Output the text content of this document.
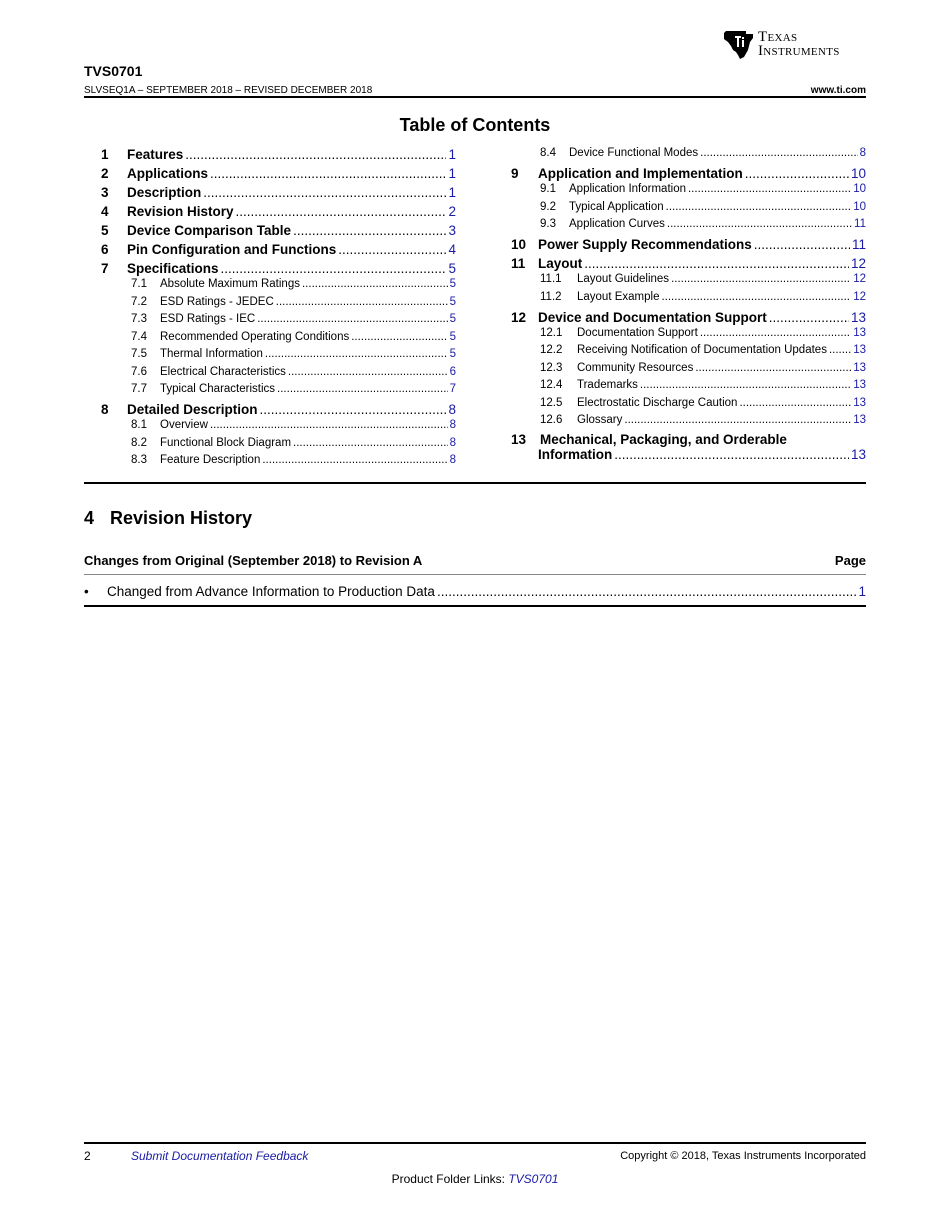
Texas
Instruments
TVS0701
SLVSEQ1A – SEPTEMBER 2018 – REVISED DECEMBER 2018	www.ti.com
Table of Contents
1	Features .....	1
2	Applications .....	1
3	Description .....	1
4	Revision History .....	2
5	Device Comparison Table .....	3
6	Pin Configuration and Functions .....	4
7	Specifications .....	5
7.1	Absolute Maximum Ratings .....	5
7.2	ESD Ratings - JEDEC .....	5
7.3	ESD Ratings - IEC .....	5
7.4	Recommended Operating Conditions .....	5
7.5	Thermal Information .....	5
7.6	Electrical Characteristics .....	6
7.7	Typical Characteristics .....	7
8	Detailed Description .....	8
8.1	Overview .....	8
8.2	Functional Block Diagram .....	8
8.3	Feature Description .....	8
8.4	Device Functional Modes .....	8
9	Application and Implementation .....	10
9.1	Application Information .....	10
9.2	Typical Application .....	10
9.3	Application Curves .....	11
10 Power Supply Recommendations .....	11
11 Layout .....	12
11.1	Layout Guidelines .....	12
11.2	Layout Example .....	12
12 Device and Documentation Support .....	13
12.1	Documentation Support .....	13
12.2	Receiving Notification of Documentation Updates ..... 13
12.3	Community Resources .....	13
12.4	Trademarks .....	13
12.5	Electrostatic Discharge Caution .....	13
12.6	Glossary .....	13
13 Mechanical, Packaging, and Orderable
Information .....	13
4 Revision History
Changes from Original (September 2018) to Revision A	Page
•	Changed from Advance Information to Production Data .....	1
2	Submit Documentation Feedback	Copyright © 2018, Texas Instruments Incorporated
Product Folder Links: TVS0701
